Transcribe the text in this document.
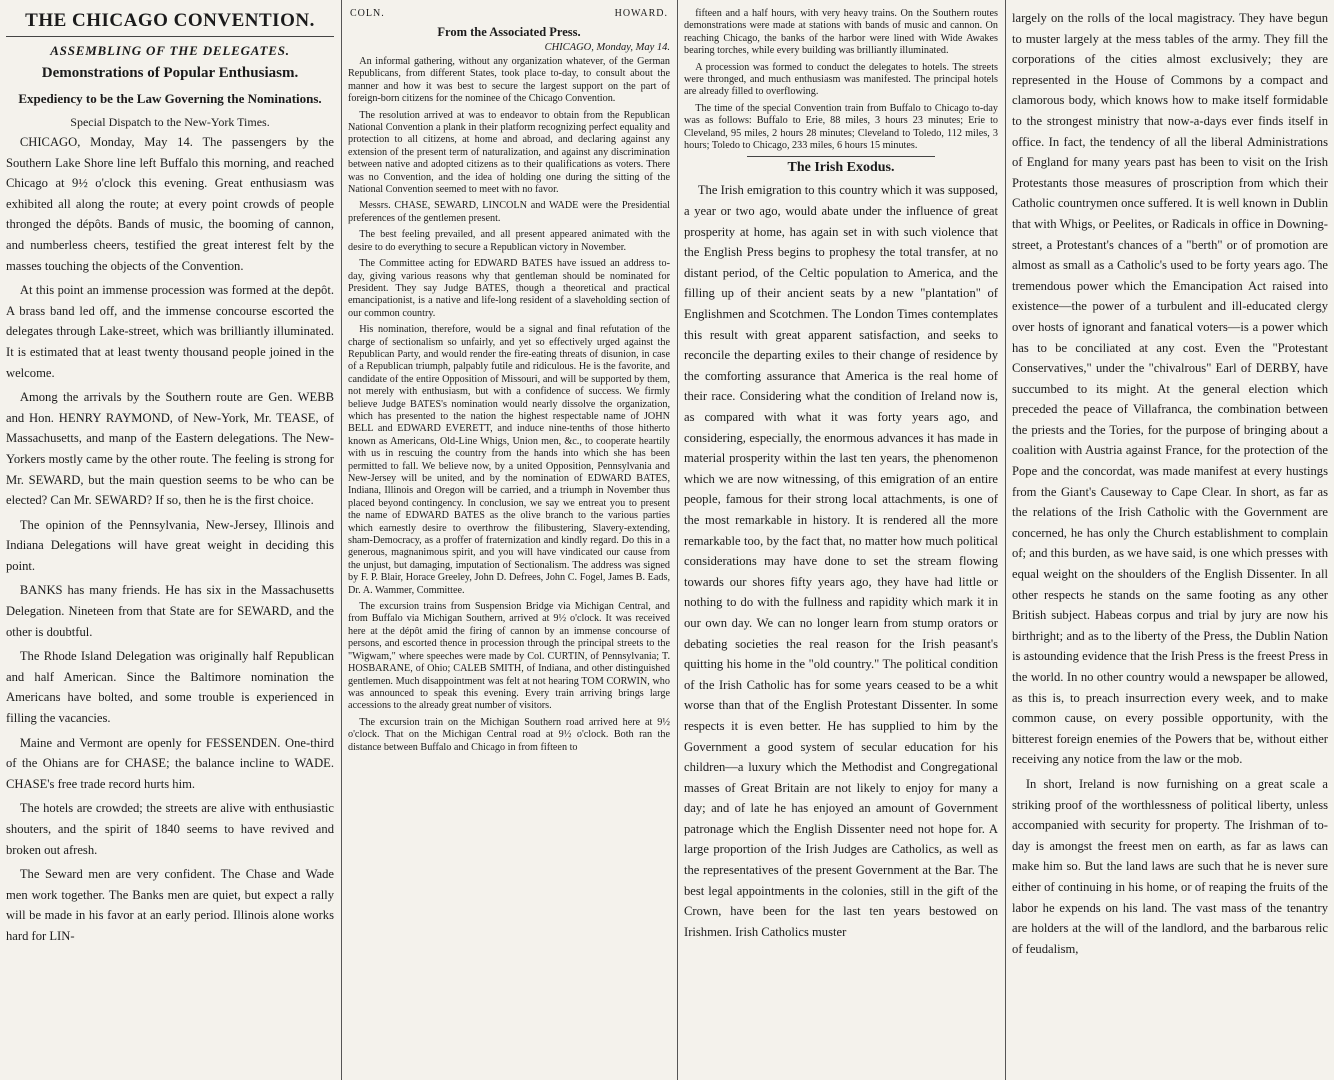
THE CHICAGO CONVENTION.
ASSEMBLING OF THE DELEGATES.
Demonstrations of Popular Enthusiasm.
Expediency to be the Law Governing the Nominations.
Special Dispatch to the New-York Times.

CHICAGO, Monday, May 14. The passengers by the Southern Lake Shore line left Buffalo this morning, and reached Chicago at 9½ o'clock this evening. Great enthusiasm was exhibited all along the route; at every point crowds of people thronged the dépôts. Bands of music, the booming of cannon, and numberless cheers, testified the great interest felt by the masses touching the objects of the Convention.

At this point an immense procession was formed at the depôt. A brass band led off, and the immense concourse escorted the delegates through Lake-street, which was brilliantly illuminated. It is estimated that at least twenty thousand people joined in the welcome.

Among the arrivals by the Southern route are Gen. WEBB and Hon. HENRY RAYMOND, of New-York, Mr. TEASE, of Massachusetts, and manp of the Eastern delegations. The New-Yorkers mostly came by the other route. The feeling is strong for Mr. SEWARD, but the main question seems to be who can be elected? Can Mr. SEWARD? If so, then he is the first choice.

The opinion of the Pennsylvania, New-Jersey, Illinois and Indiana Delegations will have great weight in deciding this point.

BANKS has many friends. He has six in the Massachusetts Delegation. Nineteen from that State are for SEWARD, and the other is doubtful.

The Rhode Island Delegation was originally half Republican and half American. Since the Baltimore nomination the Americans have bolted, and some trouble is experienced in filling the vacancies.

Maine and Vermont are openly for FESSENDEN. One-third of the Ohians are for CHASE; the balance incline to WADE. CHASE's free trade record hurts him.

The hotels are crowded; the streets are alive with enthusiastic shouters, and the spirit of 1840 seems to have revived and broken out afresh.

The Seward men are very confident. The Chase and Wade men work together. The Banks men are quiet, but expect a rally will be made in his favor at an early period. Illinois alone works hard for LIN-

COLN.	HOWARD.
From the Associated Press.
CHICAGO, Monday, May 14.

An informal gathering, without any organization whatever, of the German Republicans, from different States, took place to-day, to consult about the manner and how it was best to secure the largest support on the part of foreign-born citizens for the nominee of the Chicago Convention.

The resolution arrived at was to endeavor to obtain from the Republican National Convention a plank in their platform recognizing perfect equality and protection to all citizens, at home and abroad, and declaring against any extension of the present term of naturalization, and against any discrimination between native and adopted citizens as to their qualifications as voters. There was no Convention, and the idea of holding one during the sitting of the National Convention seemed to meet with no favor.

Messrs. CHASE, SEWARD, LINCOLN and WADE were the Presidential preferences of the gentlemen present.

The best feeling prevailed, and all present appeared animated with the desire to do everything to secure a Republican victory in November.

The Committee acting for EDWARD BATES have issued an address to-day, giving various reasons why that gentleman should be nominated for President. They say Judge BATES, though a theoretical and practical emancipationist, is a native and life-long resident of a slaveholding section of our common country.

His nomination, therefore, would be a signal and final refutation of the charge of sectionalism so unfairly, and yet so effectively urged against the Republican Party, and would render the fire-eating threats of disunion, in case of a Republican triumph, palpably futile and ridiculous. He is the favorite, and candidate of the entire Opposition of Missouri, and will be supported by them, not merely with enthusiasm, but with a confidence of success. We firmly believe Judge BATES's nomination would nearly dissolve the organization, which has presented to the nation the highest respectable name of JOHN BELL and EDWARD EVERETT, and induce nine-tenths of those hitherto known as Americans, Old-Line Whigs, Union men, &c., to cooperate heartily with us in rescuing the country from the hands into which she has been permitted to fall. We believe now, by a united Opposition, Pennsylvania and New-Jersey will be united, and by the nomination of EDWARD BATES, Indiana, Illinois and Oregon will be carried, and a triumph in November thus placed beyond contingency. In conclusion, we say we entreat you to present the name of EDWARD BATES as the olive branch to the various parties which earnestly desire to overthrow the filibustering, Slavery-extending, sham-Democracy, as a proffer of fraternization and kindly regard. Do this in a generous, magnanimous spirit, and you will have vindicated our cause from the unjust, but damaging, imputation of Sectionalism. The address was signed by F. P. Blair, Horace Greeley, John D. Defrees, John C. Fogel, James B. Eads, Dr. A. Wammer, Committee.

The excursion trains from Suspension Bridge via Michigan Central, and from Buffalo via Michigan Southern, arrived at 9½ o'clock. It was received here at the dépôt amid the firing of cannon by an immense concourse of persons, and escorted thence in procession through the principal streets to the "Wigwam," where speeches were made by Col. CURTIN, of Pennsylvania; T. HOSBARANE, of Ohio; CALEB SMITH, of Indiana, and other distinguished gentlemen. Much disappointment was felt at not hearing TOM CORWIN, who was announced to speak this evening. Every train arriving brings large accessions to the already great number of visitors.

The excursion train on the Michigan Southern road arrived here at 9½ o'clock. That on the Michigan Central road at 9½ o'clock. Both ran the distance between Buffalo and Chicago in from fifteen to

fifteen and a half hours, with very heavy trains. On the Southern routes demonstrations were made at stations with bands of music and cannon. On reaching Chicago, the banks of the harbor were lined with Wide Awakes bearing torches, while every building was brilliantly illuminated.

A procession was formed to conduct the delegates to hotels. The streets were thronged, and much enthusiasm was manifested. The principal hotels are already filled to overflowing.

The time of the special Convention train from Buffalo to Chicago to-day was as follows: Buffalo to Erie, 88 miles, 3 hours 23 minutes; Erie to Cleveland, 95 miles, 2 hours 28 minutes; Cleveland to Toledo, 112 miles, 3 hours; Toledo to Chicago, 233 miles, 6 hours 15 minutes.

The Irish Exodus.

The Irish emigration to this country which it was supposed, a year or two ago, would abate under the influence of great prosperity at home, has again set in with such violence that the English Press begins to prophesy the total transfer, at no distant period, of the Celtic population to America, and the filling up of their ancient seats by a new "plantation" of Englishmen and Scotchmen. The London Times contemplates this result with great apparent satisfaction, and seeks to reconcile the departing exiles to their change of residence by the comforting assurance that America is the real home of their race. Considering what the condition of Ireland now is, as compared with what it was forty years ago, and considering, especially, the enormous advances it has made in material prosperity within the last ten years, the phenomenon which we are now witnessing, of this emigration of an entire people, famous for their strong local attachments, is one of the most remarkable in history. It is rendered all the more remarkable too, by the fact that, no matter how much political considerations may have done to set the stream flowing towards our shores fifty years ago, they have had little or nothing to do with the fullness and rapidity which mark it in our own day. We can no longer learn from stump orators or debating societies the real reason for the Irish peasant's quitting his home in the "old country." The political condition of the Irish Catholic has for some years ceased to be a whit worse than that of the English Protestant Dissenter. In some respects it is even better. He has supplied to him by the Government a good system of secular education for his children—a luxury which the Methodist and Congregational masses of Great Britain are not likely to enjoy for many a day; and of late he has enjoyed an amount of Government patronage which the English Dissenter need not hope for. A large proportion of the Irish Judges are Catholics, as well as the representatives of the present Government at the Bar. The best legal appointments in the colonies, still in the gift of the Crown, have been for the last ten years bestowed on Irishmen. Irish Catholics muster

largely on the rolls of the local magistracy. They have begun to muster largely at the mess tables of the army. They fill the corporations of the cities almost exclusively; they are represented in the House of Commons by a compact and clamorous body, which knows how to make itself formidable to the strongest ministry that now-a-days ever finds itself in office. In fact, the tendency of all the liberal Administrations of England for many years past has been to visit on the Irish Protestants those measures of proscription from which their Catholic countrymen once suffered. It is well known in Dublin that with Whigs, or Peelites, or Radicals in office in Downing-street, a Protestant's chances of a "berth" or of promotion are almost as small as a Catholic's used to be forty years ago. The tremendous power which the Emancipation Act raised into existence—the power of a turbulent and ill-educated clergy over hosts of ignorant and fanatical voters—is a power which has to be conciliated at any cost. Even the "Protestant Conservatives," under the "chivalrous" Earl of DERBY, have succumbed to its might. At the general election which preceded the peace of Villafranca, the combination between the priests and the Tories, for the purpose of bringing about a coalition with Austria against France, for the protection of the Pope and the concordat, was made manifest at every hustings from the Giant's Causeway to Cape Clear. In short, as far as the relations of the Irish Catholic with the Government are concerned, he has only the Church establishment to complain of; and this burden, as we have said, is one which presses with equal weight on the shoulders of the English Dissenter. In all other respects he stands on the same footing as any other British subject. Habeas corpus and trial by jury are now his birthright; and as to the liberty of the Press, the Dublin Nation is astounding evidence that the Irish Press is the freest Press in the world. In no other country would a newspaper be allowed, as this is, to preach insurrection every week, and to make common cause, on every possible opportunity, with the bitterest foreign enemies of the Powers that be, without either receiving any notice from the law or the mob.

In short, Ireland is now furnishing on a great scale a striking proof of the worthlessness of political liberty, unless accompanied with security for property. The Irishman of to-day is amongst the freest men on earth, as far as laws can make him so. But the land laws are such that he is never sure either of continuing in his home, or of reaping the fruits of the labor he expends on his land. The vast mass of the tenantry are holders at the will of the landlord, and the barbarous relic of feudalism,
